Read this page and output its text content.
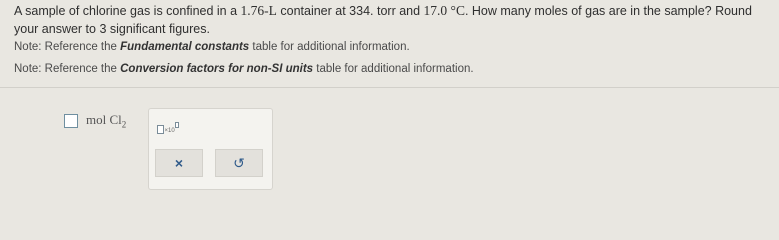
A sample of chlorine gas is confined in a 1.76-L container at 334. torr and 17.0 °C. How many moles of gas are in the sample? Round your answer to 3 significant figures.
Note: Reference the Fundamental constants table for additional information.
Note: Reference the Conversion factors for non-SI units table for additional information.
mol $Cl_2$
×10
×	↺
